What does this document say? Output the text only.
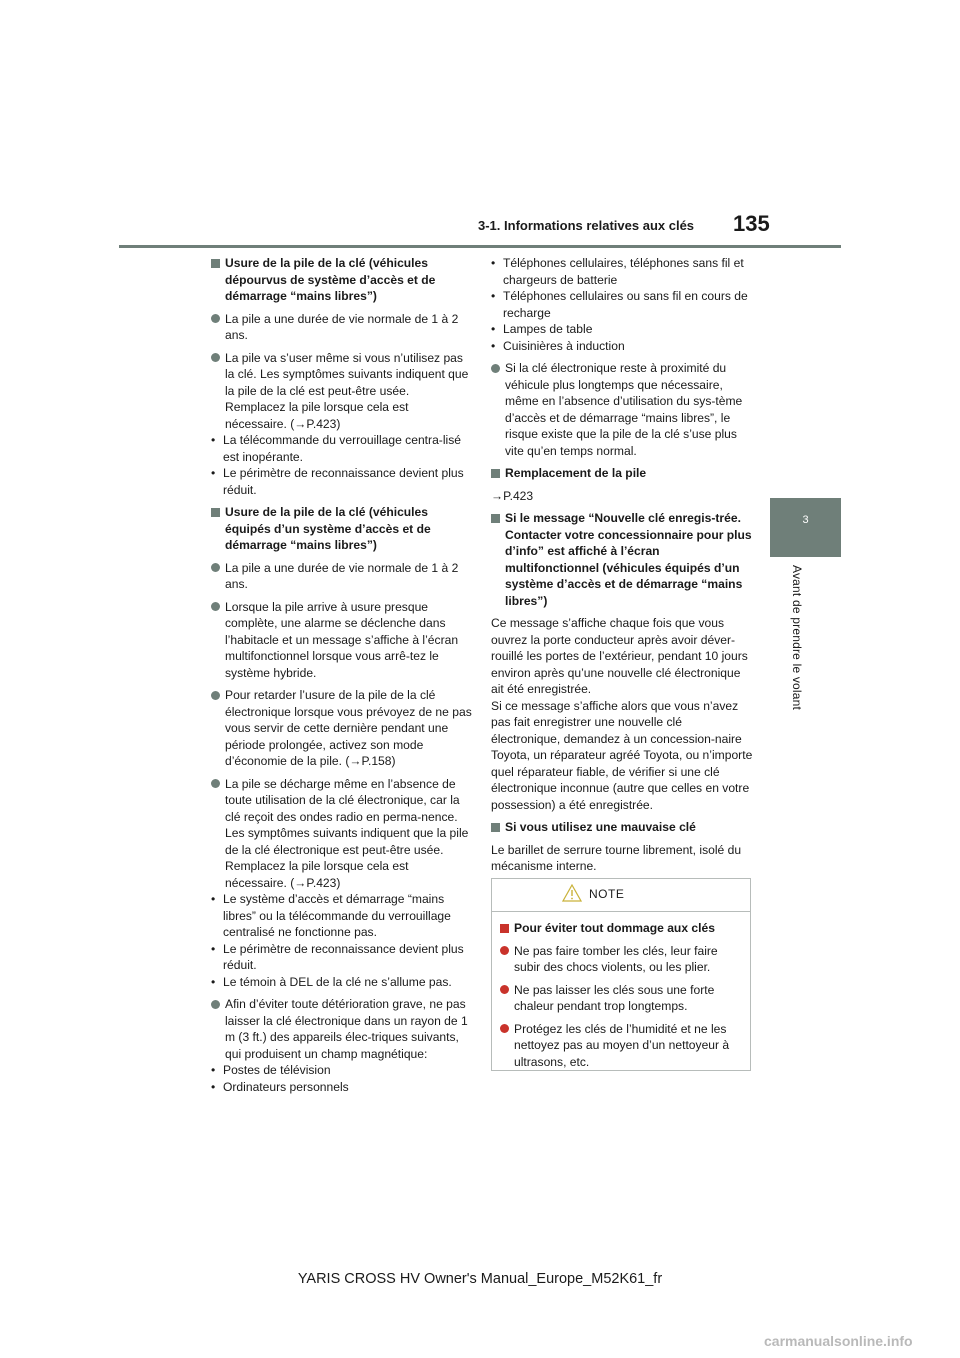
3-1. Informations relatives aux clés 135
3
Avant de prendre le volant
Usure de la pile de la clé (véhicules dépourvus de système d’accès et de démarrage “mains libres”)
La pile a une durée de vie normale de 1 à 2 ans.
La pile va s’user même si vous n’utilisez pas la clé. Les symptômes suivants indiquent que la pile de la clé est peut-être usée. Remplacez la pile lorsque cela est nécessaire. (→P.423)
• La télécommande du verrouillage centra-lisé est inopérante.
• Le périmètre de reconnaissance devient plus réduit.
Usure de la pile de la clé (véhicules équipés d’un système d’accès et de démarrage “mains libres”)
La pile a une durée de vie normale de 1 à 2 ans.
Lorsque la pile arrive à usure presque complète, une alarme se déclenche dans l’habitacle et un message s’affiche à l’écran multifonctionnel lorsque vous arrê-tez le système hybride.
Pour retarder l’usure de la pile de la clé électronique lorsque vous prévoyez de ne pas vous servir de cette dernière pendant une période prolongée, activez son mode d’économie de la pile. (→P.158)
La pile se décharge même en l’absence de toute utilisation de la clé électronique, car la clé reçoit des ondes radio en perma-nence. Les symptômes suivants indiquent que la pile de la clé électronique est peut-être usée. Remplacez la pile lorsque cela est nécessaire. (→P.423)
• Le système d’accès et démarrage “mains libres” ou la télécommande du verrouillage centralisé ne fonctionne pas.
• Le périmètre de reconnaissance devient plus réduit.
• Le témoin à DEL de la clé ne s’allume pas.
Afin d’éviter toute détérioration grave, ne pas laisser la clé électronique dans un rayon de 1 m (3 ft.) des appareils élec-triques suivants, qui produisent un champ magnétique:
• Postes de télévision
• Ordinateurs personnels
• Téléphones cellulaires, téléphones sans fil et chargeurs de batterie
• Téléphones cellulaires ou sans fil en cours de recharge
• Lampes de table
• Cuisinières à induction
Si la clé électronique reste à proximité du véhicule plus longtemps que nécessaire, même en l’absence d’utilisation du sys-tème d’accès et de démarrage “mains libres”, le risque existe que la pile de la clé s’use plus vite qu’en temps normal.
Remplacement de la pile

→P.423

Si le message “Nouvelle clé enregis-trée. Contacter votre concessionnaire pour plus d’info” est affiché à l’écran multifonctionnel (véhicules équipés d’un système d’accès et de démarrage “mains libres”)

Ce message s’affiche chaque fois que vous ouvrez la porte conducteur après avoir déver-rouillé les portes de l’extérieur, pendant 10 jours environ après qu’une nouvelle clé électronique ait été enregistrée.

Si ce message s’affiche alors que vous n’avez pas fait enregistrer une nouvelle clé électronique, demandez à un concession-naire Toyota, un réparateur agréé Toyota, ou n’importe quel réparateur fiable, de vérifier si une clé électronique inconnue (autre que celles en votre possession) a été enregistrée.

Si vous utilisez une mauvaise clé

Le barillet de serrure tourne librement, isolé du mécanisme interne.

NOTE
Pour éviter tout dommage aux clés
Ne pas faire tomber les clés, leur faire subir des chocs violents, ou les plier.
Ne pas laisser les clés sous une forte chaleur pendant trop longtemps.
Protégez les clés de l’humidité et ne les nettoyez pas au moyen d’un nettoyeur à ultrasons, etc.
YARIS CROSS HV Owner's Manual_Europe_M52K61_fr
carmanualsonline.info
